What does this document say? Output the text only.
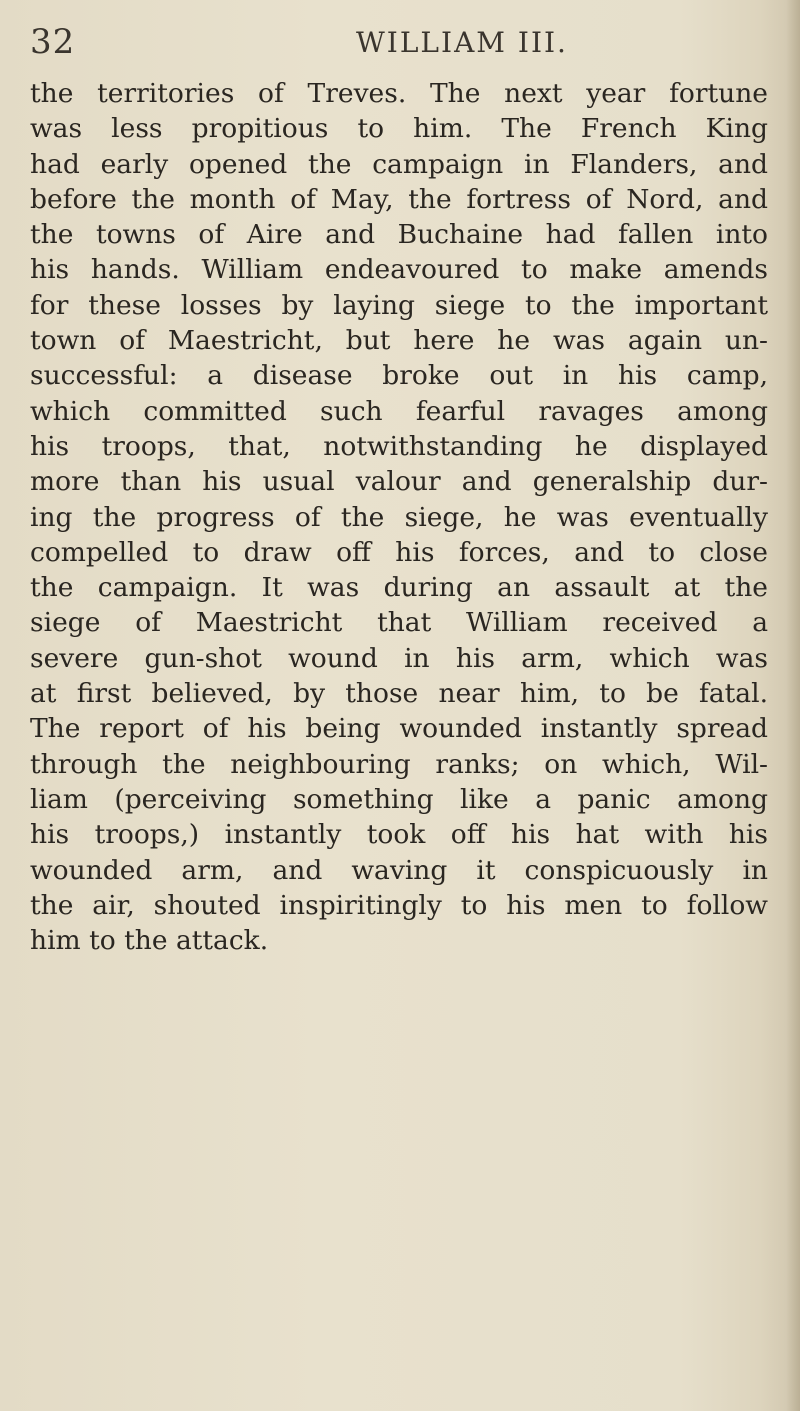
32	WILLIAM III.
the territories of Treves. The next year fortune
was less propitious to him. The French King
had early opened the campaign in Flanders, and
before the month of May, the fortress of Nord, and
the towns of Aire and Buchaine had fallen into
his hands. William endeavoured to make amends
for these losses by laying siege to the important
town of Maestricht, but here he was again un-
successful: a disease broke out in his camp,
which committed such fearful ravages among
his troops, that, notwithstanding he displayed
more than his usual valour and generalship dur-
ing the progress of the siege, he was eventually
compelled to draw off his forces, and to close
the campaign. It was during an assault at the
siege of Maestricht that William received a
severe gun-shot wound in his arm, which was
at first believed, by those near him, to be fatal.
The report of his being wounded instantly spread
through the neighbouring ranks; on which, Wil-
liam (perceiving something like a panic among
his troops,) instantly took off his hat with his
wounded arm, and waving it conspicuously in
the air, shouted inspiritingly to his men to follow
him to the attack.
